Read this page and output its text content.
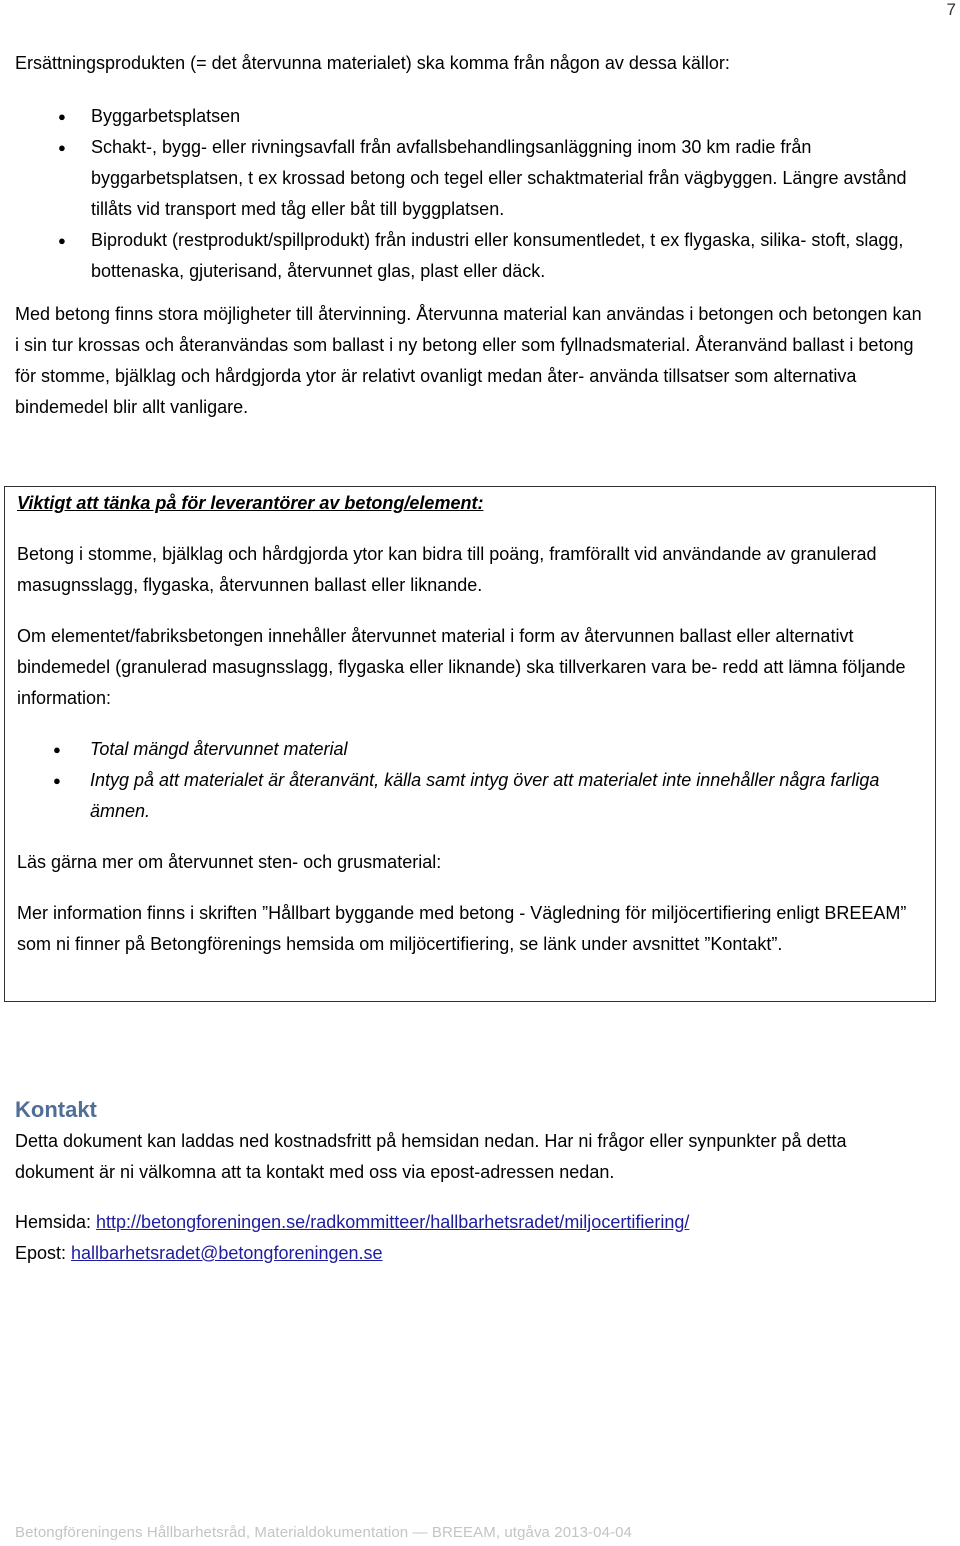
7

Ersättningsprodukten (= det återvunna materialet) ska komma från någon av dessa källor:

● Byggarbetsplatsen
● Schakt-, bygg- eller rivningsavfall från avfallsbehandlingsanläggning inom 30 km radie från byggarbetsplatsen, t ex krossad betong och tegel eller schaktmaterial från vägbyggen. Längre avstånd tillåts vid transport med tåg eller båt till byggplatsen.
● Biprodukt (restprodukt/spillprodukt) från industri eller konsumentledet, t ex flygaska, silika- stoft, slagg, bottenaska, gjuterisand, återvunnet glas, plast eller däck.

Med betong finns stora möjligheter till återvinning. Återvunna material kan användas i betongen och betongen kan i sin tur krossas och återanvändas som ballast i ny betong eller som fyllnadsmaterial. Återanvänd ballast i betong för stomme, bjälklag och hårdgjorda ytor är relativt ovanligt medan åter- använda tillsatser som alternativa bindemedel blir allt vanligare.

Viktigt att tänka på för leverantörer av betong/element:

Betong i stomme, bjälklag och hårdgjorda ytor kan bidra till poäng, framförallt vid användande av granulerad masugnsslagg, flygaska, återvunnen ballast eller liknande.

Om elementet/fabriksbetongen innehåller återvunnet material i form av återvunnen ballast eller alternativt bindemedel (granulerad masugnsslagg, flygaska eller liknande) ska tillverkaren vara be- redd att lämna följande information:

● Total mängd återvunnet material
● Intyg på att materialet är återanvänt, källa samt intyg över att materialet inte innehåller några farliga ämnen.

Läs gärna mer om återvunnet sten- och grusmaterial:

Mer information finns i skriften ”Hållbart byggande med betong - Vägledning för miljöcertifiering enligt BREEAM” som ni finner på Betongförenings hemsida om miljöcertifiering, se länk under avsnittet ”Kontakt”.

Kontakt

Detta dokument kan laddas ned kostnadsfritt på hemsidan nedan. Har ni frågor eller synpunkter på detta dokument är ni välkomna att ta kontakt med oss via epost-adressen nedan.

Hemsida: http://betongforeningen.se/radkommitteer/hallbarhetsradet/miljocertifiering/

Epost: hallbarhetsradet@betongforeningen.se

Betongföreningens Hållbarhetsråd, Materialdokumentation — BREEAM, utgåva 2013-04-04
